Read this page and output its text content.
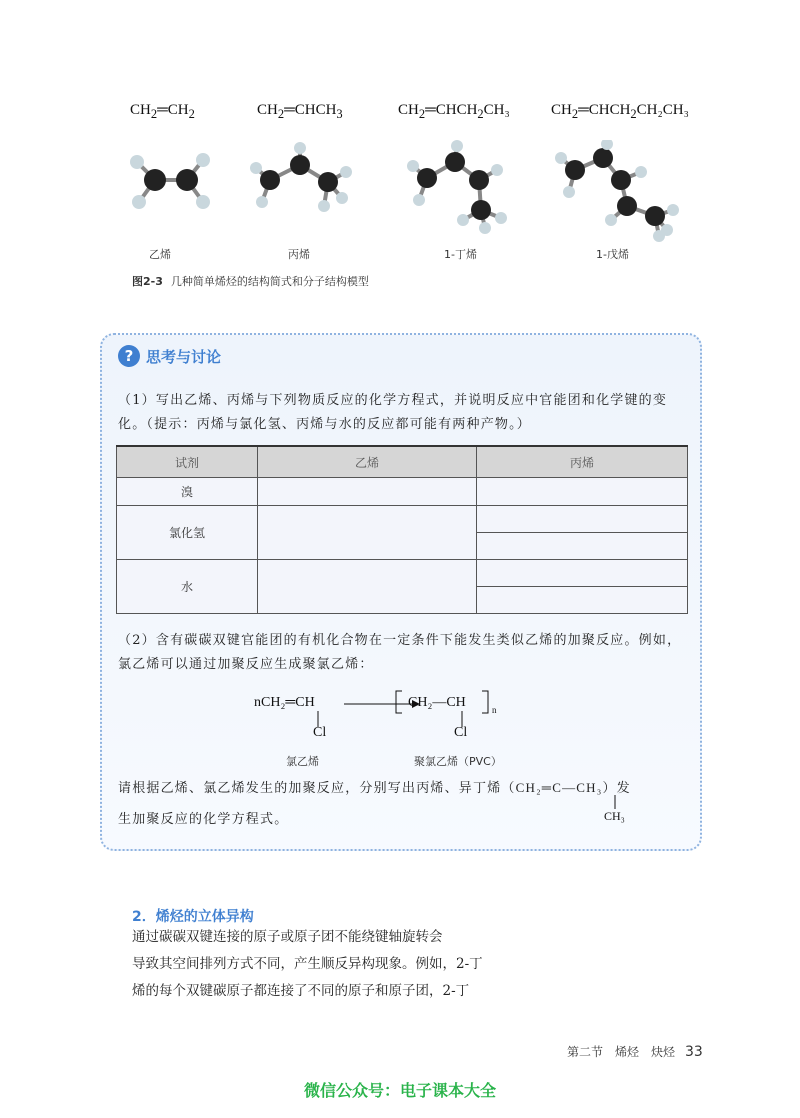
$CH_2═CH_2$	$CH_2═CHCH_3$	$CH_2═CHCH_2CH_3$	$CH_2═CHCH_2CH_2CH_3$
乙烯	丙烯	1-丁烯	1-戊烯
图2-3 几种简单烯烃的结构简式和分子结构模型
? 思考与讨论
（1）写出乙烯、丙烯与下列物质反应的化学方程式，并说明反应中官能团和化学键的变化。（提示：丙烯与氯化氢、丙烯与水的反应都可能有两种产物。）
试剂	乙烯	丙烯
溴		
氯化氢		

水		

（2）含有碳碳双键官能团的有机化合物在一定条件下能发生类似乙烯的加聚反应。例如，氯乙烯可以通过加聚反应生成聚氯乙烯：
nCH₂═CH
Cl
CH₂—CH	n
Cl
氯乙烯	聚氯乙烯（PVC）
请根据乙烯、氯乙烯发生的加聚反应，分别写出丙烯、异丁烯（CH₂═C—CH₃）发
CH₃
生加聚反应的化学方程式。
2．烯烃的立体异构
通过碳碳双键连接的原子或原子团不能绕键轴旋转会
导致其空间排列方式不同，产生顺反异构现象。例如，2-丁
烯的每个双键碳原子都连接了不同的原子和原子团，2-丁
第二节　烯烃　炔烃 33
微信公众号：电子课本大全
